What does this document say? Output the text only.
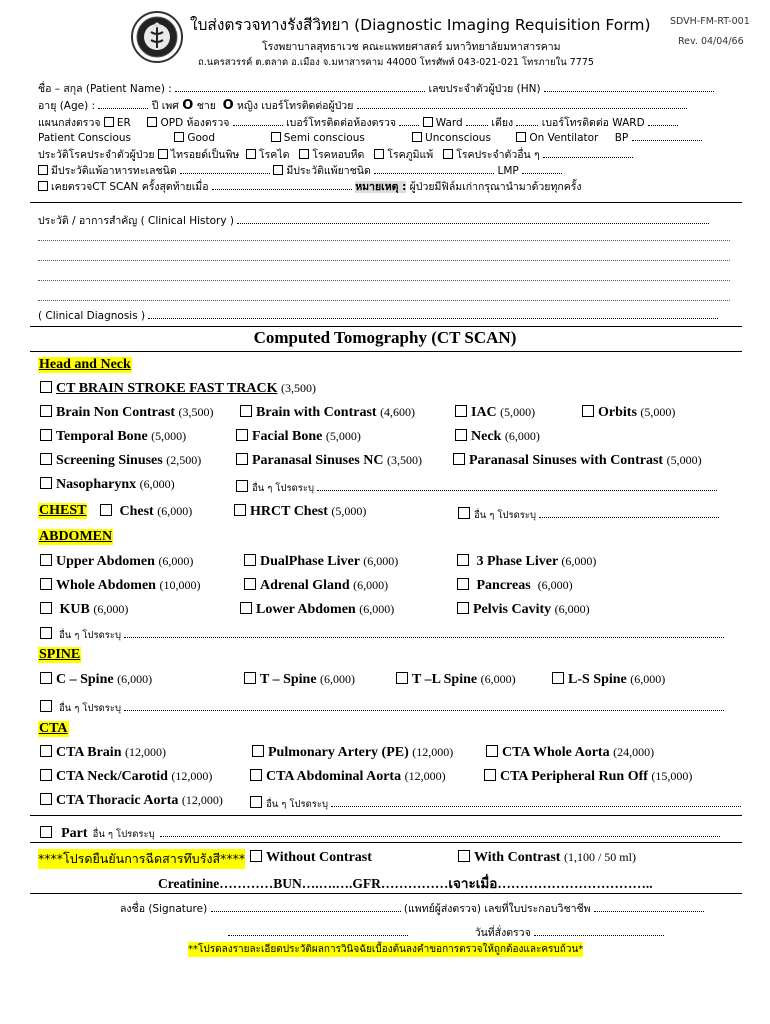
ใบส่งตรวจทางรังสีวิทยา (Diagnostic Imaging Requisition Form)
โรงพยาบาลสุทธาเวช คณะแพทยศาสตร์ มหาวิทยาลัยมหาสารคาม
ถ.นครสวรรค์ ต.ตลาด อ.เมือง จ.มหาสารคาม 44000 โทรศัพท์ 043-021-021 โทรภายใน 7775
SDVH-FM-RT-001
Rev. 04/04/66
ชื่อ – สกุล (Patient Name) :	เลขประจำตัวผู้ป่วย (HN)
อายุ (Age) :	ปี เพศ O ชาย O หญิง เบอร์โทรติดต่อผู้ป่วย
แผนกส่งตรวจ ER	OPD ห้องตรวจ	เบอร์โทรติดต่อห้องตรวจ	Ward	เตียง	เบอร์โทรติดต่อ WARD
Patient Conscious	Good	Semi conscious	Unconscious	On Ventilator BP
ประวัติโรคประจำตัวผู้ป่วย ไทรอยด์เป็นพิษ โรคไต โรคหอบหืด โรคภูมิแพ้ โรคประจำตัวอื่น ๆ
มีประวัติแพ้อาหารทะเลชนิด	มีประวัติแพ้ยาชนิด	LMP
เคยตรวจCT SCAN ครั้งสุดท้ายเมื่อ	หมายเหตุ : ผู้ป่วยมีฟิล์มเก่ากรุณานำมาด้วยทุกครั้ง
ประวัติ / อาการสำคัญ ( Clinical History )
( Clinical Diagnosis )
Computed Tomography (CT SCAN)
Head and Neck
CT BRAIN STROKE FAST TRACK (3,500)
Brain Non Contrast (3,500)	Brain with Contrast (4,600)	IAC (5,000)	Orbits (5,000)
Temporal Bone (5,000)	Facial Bone (5,000)	Neck (6,000)
Screening Sinuses (2,500)	Paranasal Sinuses NC (3,500)	Paranasal Sinuses with Contrast (5,000)
Nasopharynx (6,000)	อื่น ๆ โปรดระบุ
CHEST	Chest (6,000)	HRCT Chest (5,000)	อื่น ๆ โปรดระบุ
ABDOMEN
Upper Abdomen (6,000)	DualPhase Liver (6,000)	3 Phase Liver (6,000)
Whole Abdomen (10,000)	Adrenal Gland (6,000)	Pancreas (6,000)
KUB (6,000)	Lower Abdomen (6,000)	Pelvis Cavity (6,000)
อื่น ๆ โปรดระบุ
SPINE
C – Spine (6,000)	T – Spine (6,000)	T –L Spine (6,000)	L-S Spine (6,000)
อื่น ๆ โปรดระบุ
CTA
CTA Brain (12,000)	Pulmonary Artery (PE) (12,000)	CTA Whole Aorta (24,000)
CTA Neck/Carotid (12,000)	CTA Abdominal Aorta (12,000)	CTA Peripheral Run Off (15,000)
CTA Thoracic Aorta (12,000)	อื่น ๆ โปรดระบุ
Part อื่น ๆ โปรดระบุ
****โปรดยืนยันการฉีดสารทึบรังสี****	Without Contrast	With Contrast (1,100 / 50 ml)
Creatinine…………BUN….….….GFR……………เจาะเมื่อ……………………………..
ลงชื่อ (Signature)	(แพทย์ผู้ส่งตรวจ) เลขที่ใบประกอบวิชาชีพ
วันที่สั่งตรวจ
**โปรดลงรายละเอียดประวัติผลการวินิจฉัยเบื้องต้นลงคำขอการตรวจให้ถูกต้องและครบถ้วน*
